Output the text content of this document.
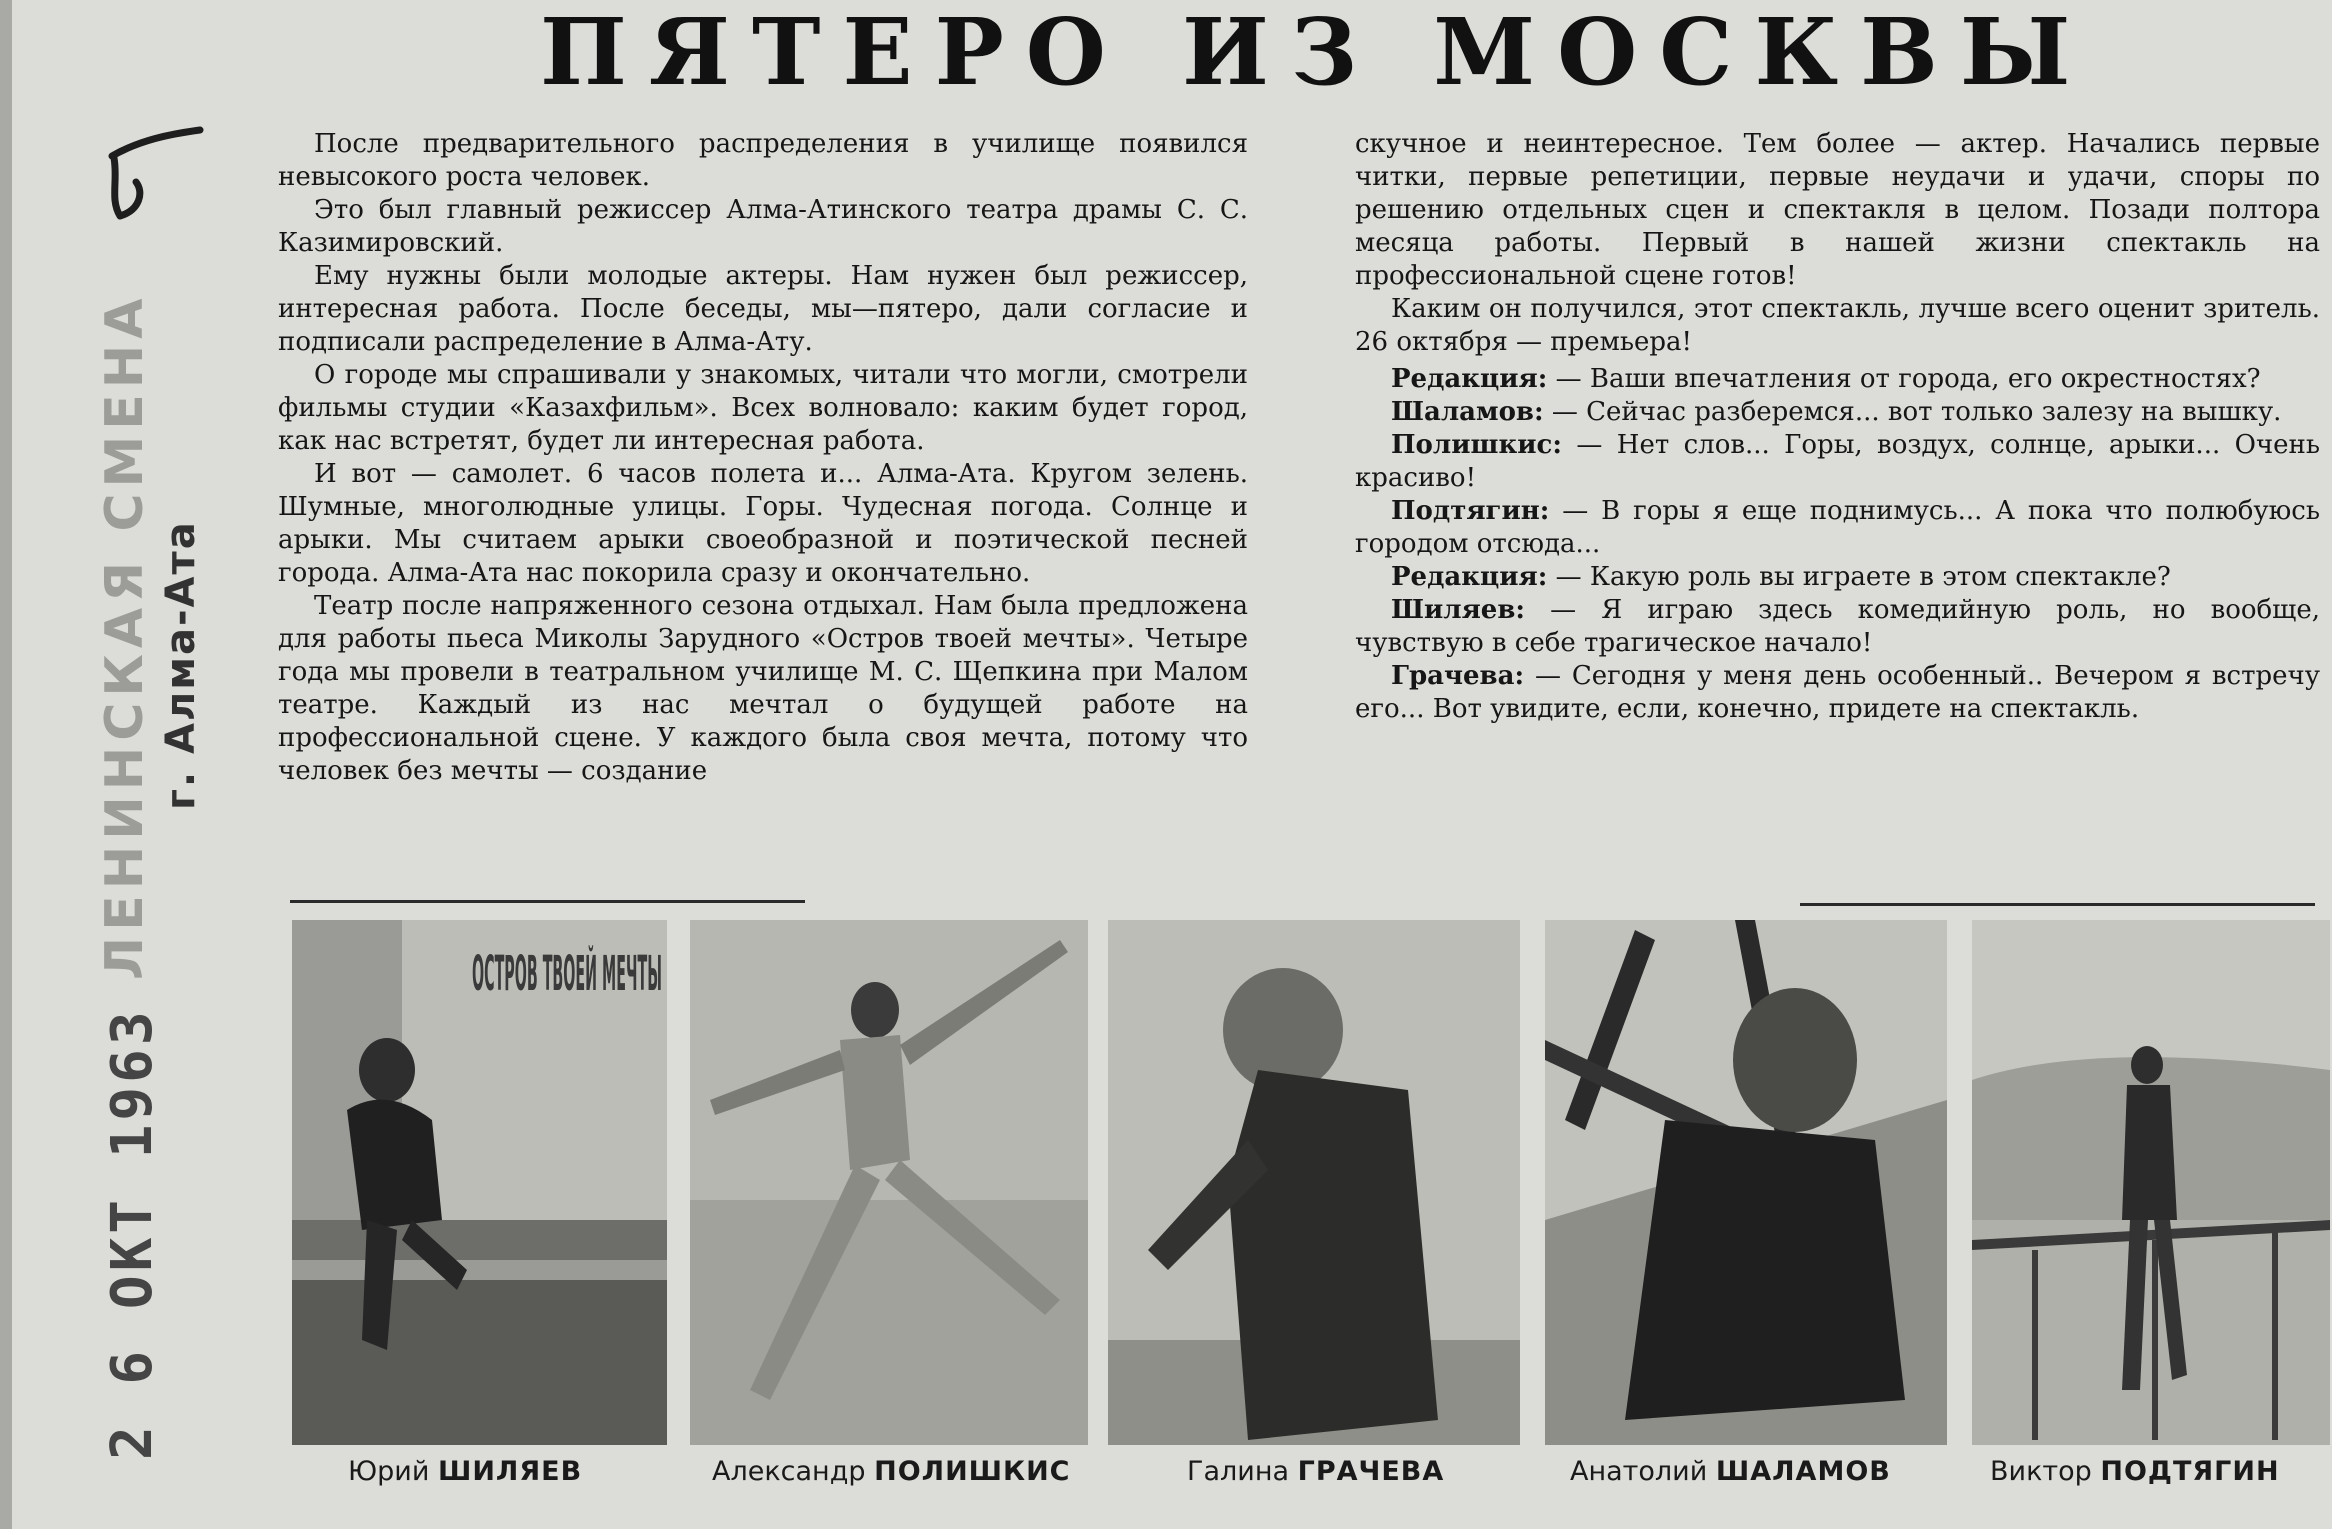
ПЯТЕРО ИЗ МОСКВЫ
ЛЕНИНСКАЯ СМЕНА г. Алма-Ата
2 6 ОКТ 1963

После предварительного распределения в училище появился невысокого роста человек.

Это был главный режиссер Алма-Атинского театра драмы С. С. Казимировский.

Ему нужны были молодые актеры. Нам нужен был режиссер, интересная работа. После беседы, мы—пятеро, дали согласие и подписали распределение в Алма-Ату.

О городе мы спрашивали у знакомых, читали что могли, смотрели фильмы студии «Казахфильм». Всех волновало: каким будет город, как нас встретят, будет ли интересная работа.

И вот — самолет. 6 часов полета и... Алма-Ата. Кругом зелень. Шумные, многолюдные улицы. Горы. Чудесная погода. Солнце и арыки. Мы считаем арыки своеобразной и поэтической песней города. Алма-Ата нас покорила сразу и окончательно.

Театр после напряженного сезона отдыхал. Нам была предложена для работы пьеса Миколы Зарудного «Остров твоей мечты». Четыре года мы провели в театральном училище М. С. Щепкина при Малом театре. Каждый из нас мечтал о будущей работе на профессиональной сцене. У каждого была своя мечта, потому что человек без мечты — создание

скучное и неинтересное. Тем более — актер. Начались первые читки, первые репетиции, первые неудачи и удачи, споры по решению отдельных сцен и спектакля в целом. Позади полтора месяца работы. Первый в нашей жизни спектакль на профессиональной сцене готов!

Каким он получился, этот спектакль, лучше всего оценит зритель. 26 октября — премьера!

Редакция: — Ваши впечатления от города, его окрестностях?

Шаламов: — Сейчас разберемся... вот только залезу на вышку.

Полишкис: — Нет слов... Горы, воздух, солнце, арыки... Очень красиво!

Подтягин: — В горы я еще поднимусь... А пока что полюбуюсь городом отсюда...

Редакция: — Какую роль вы играете в этом спектакле?

Шиляев: — Я играю здесь комедийную роль, но вообще, чувствую в себе трагическое начало!

Грачева: — Сегодня у меня день особенный.. Вечером я встречу его... Вот увидите, если, конечно, придете на спектакль.

Юрий ШИЛЯЕВ	Александр ПОЛИШКИС	Галина ГРАЧЕВА	Анатолий ШАЛАМОВ	Виктор ПОДТЯГИН
